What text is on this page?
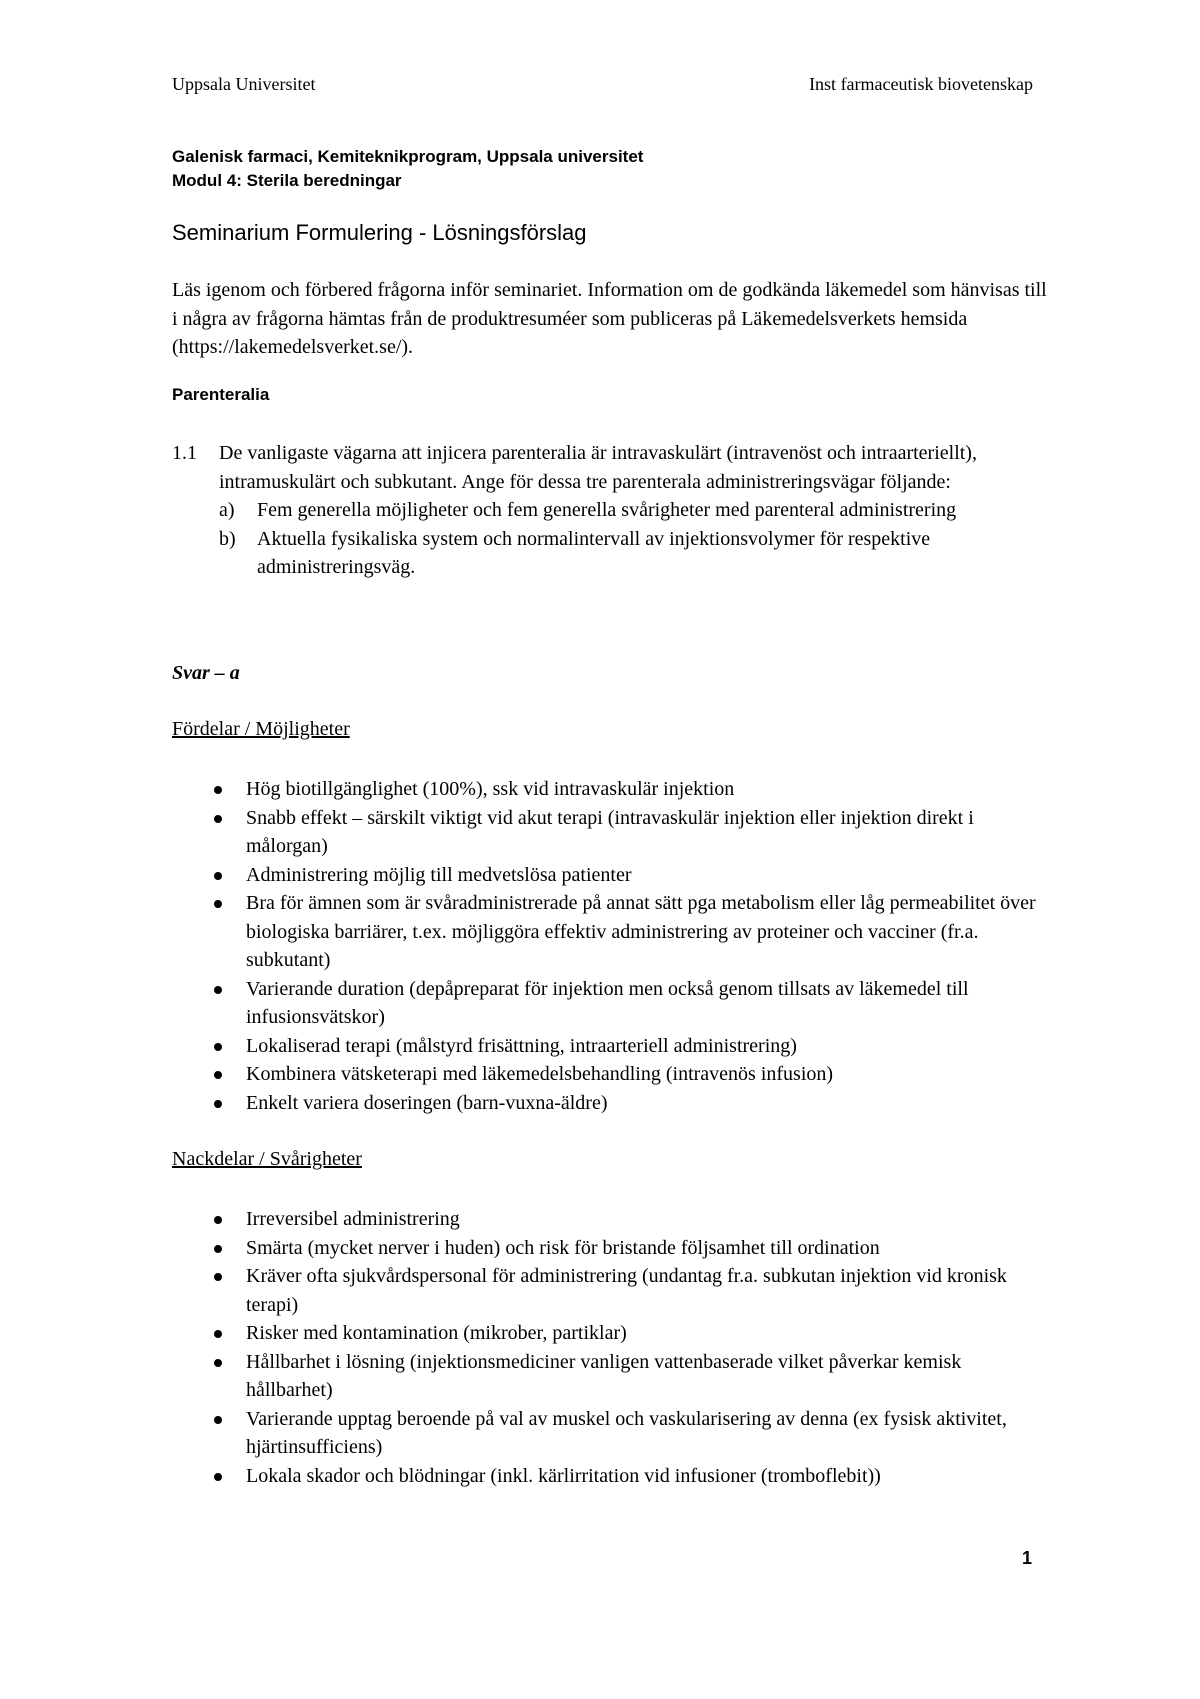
Uppsala Universitet	Inst farmaceutisk biovetenskap
Galenisk farmaci, Kemiteknikprogram, Uppsala universitet
Modul 4: Sterila beredningar
Seminarium Formulering - Lösningsförslag
Läs igenom och förbered frågorna inför seminariet. Information om de godkända läkemedel som hänvisas till i några av frågorna hämtas från de produktresuméer som publiceras på Läkemedelsverkets hemsida (https://lakemedelsverket.se/).
Parenteralia
1.1 De vanligaste vägarna att injicera parenteralia är intravaskulärt (intravenöst och intraarteriellt), intramuskulärt och subkutant. Ange för dessa tre parenterala administreringsvägar följande:
a) Fem generella möjligheter och fem generella svårigheter med parenteral administrering
b) Aktuella fysikaliska system och normalintervall av injektionsvolymer för respektive administreringsväg.
Svar – a
Fördelar / Möjligheter
Hög biotillgänglighet (100%), ssk vid intravaskulär injektion
Snabb effekt – särskilt viktigt vid akut terapi (intravaskulär injektion eller injektion direkt i målorgan)
Administrering möjlig till medvetslösa patienter
Bra för ämnen som är svåradministrerade på annat sätt pga metabolism eller låg permeabilitet över biologiska barriärer, t.ex. möjliggöra effektiv administrering av proteiner och vacciner (fr.a. subkutant)
Varierande duration (depåpreparat för injektion men också genom tillsats av läkemedel till infusionsvätskor)
Lokaliserad terapi (målstyrd frisättning, intraarteriell administrering)
Kombinera vätsketerapi med läkemedelsbehandling (intravenös infusion)
Enkelt variera doseringen (barn-vuxna-äldre)
Nackdelar / Svårigheter
Irreversibel administrering
Smärta (mycket nerver i huden) och risk för bristande följsamhet till ordination
Kräver ofta sjukvårdspersonal för administrering (undantag fr.a. subkutan injektion vid kronisk terapi)
Risker med kontamination (mikrober, partiklar)
Hållbarhet i lösning (injektionsmediciner vanligen vattenbaserade vilket påverkar kemisk hållbarhet)
Varierande upptag beroende på val av muskel och vaskularisering av denna (ex fysisk aktivitet, hjärtinsufficiens)
Lokala skador och blödningar (inkl. kärlirritation vid infusioner (tromboflebit))
1
